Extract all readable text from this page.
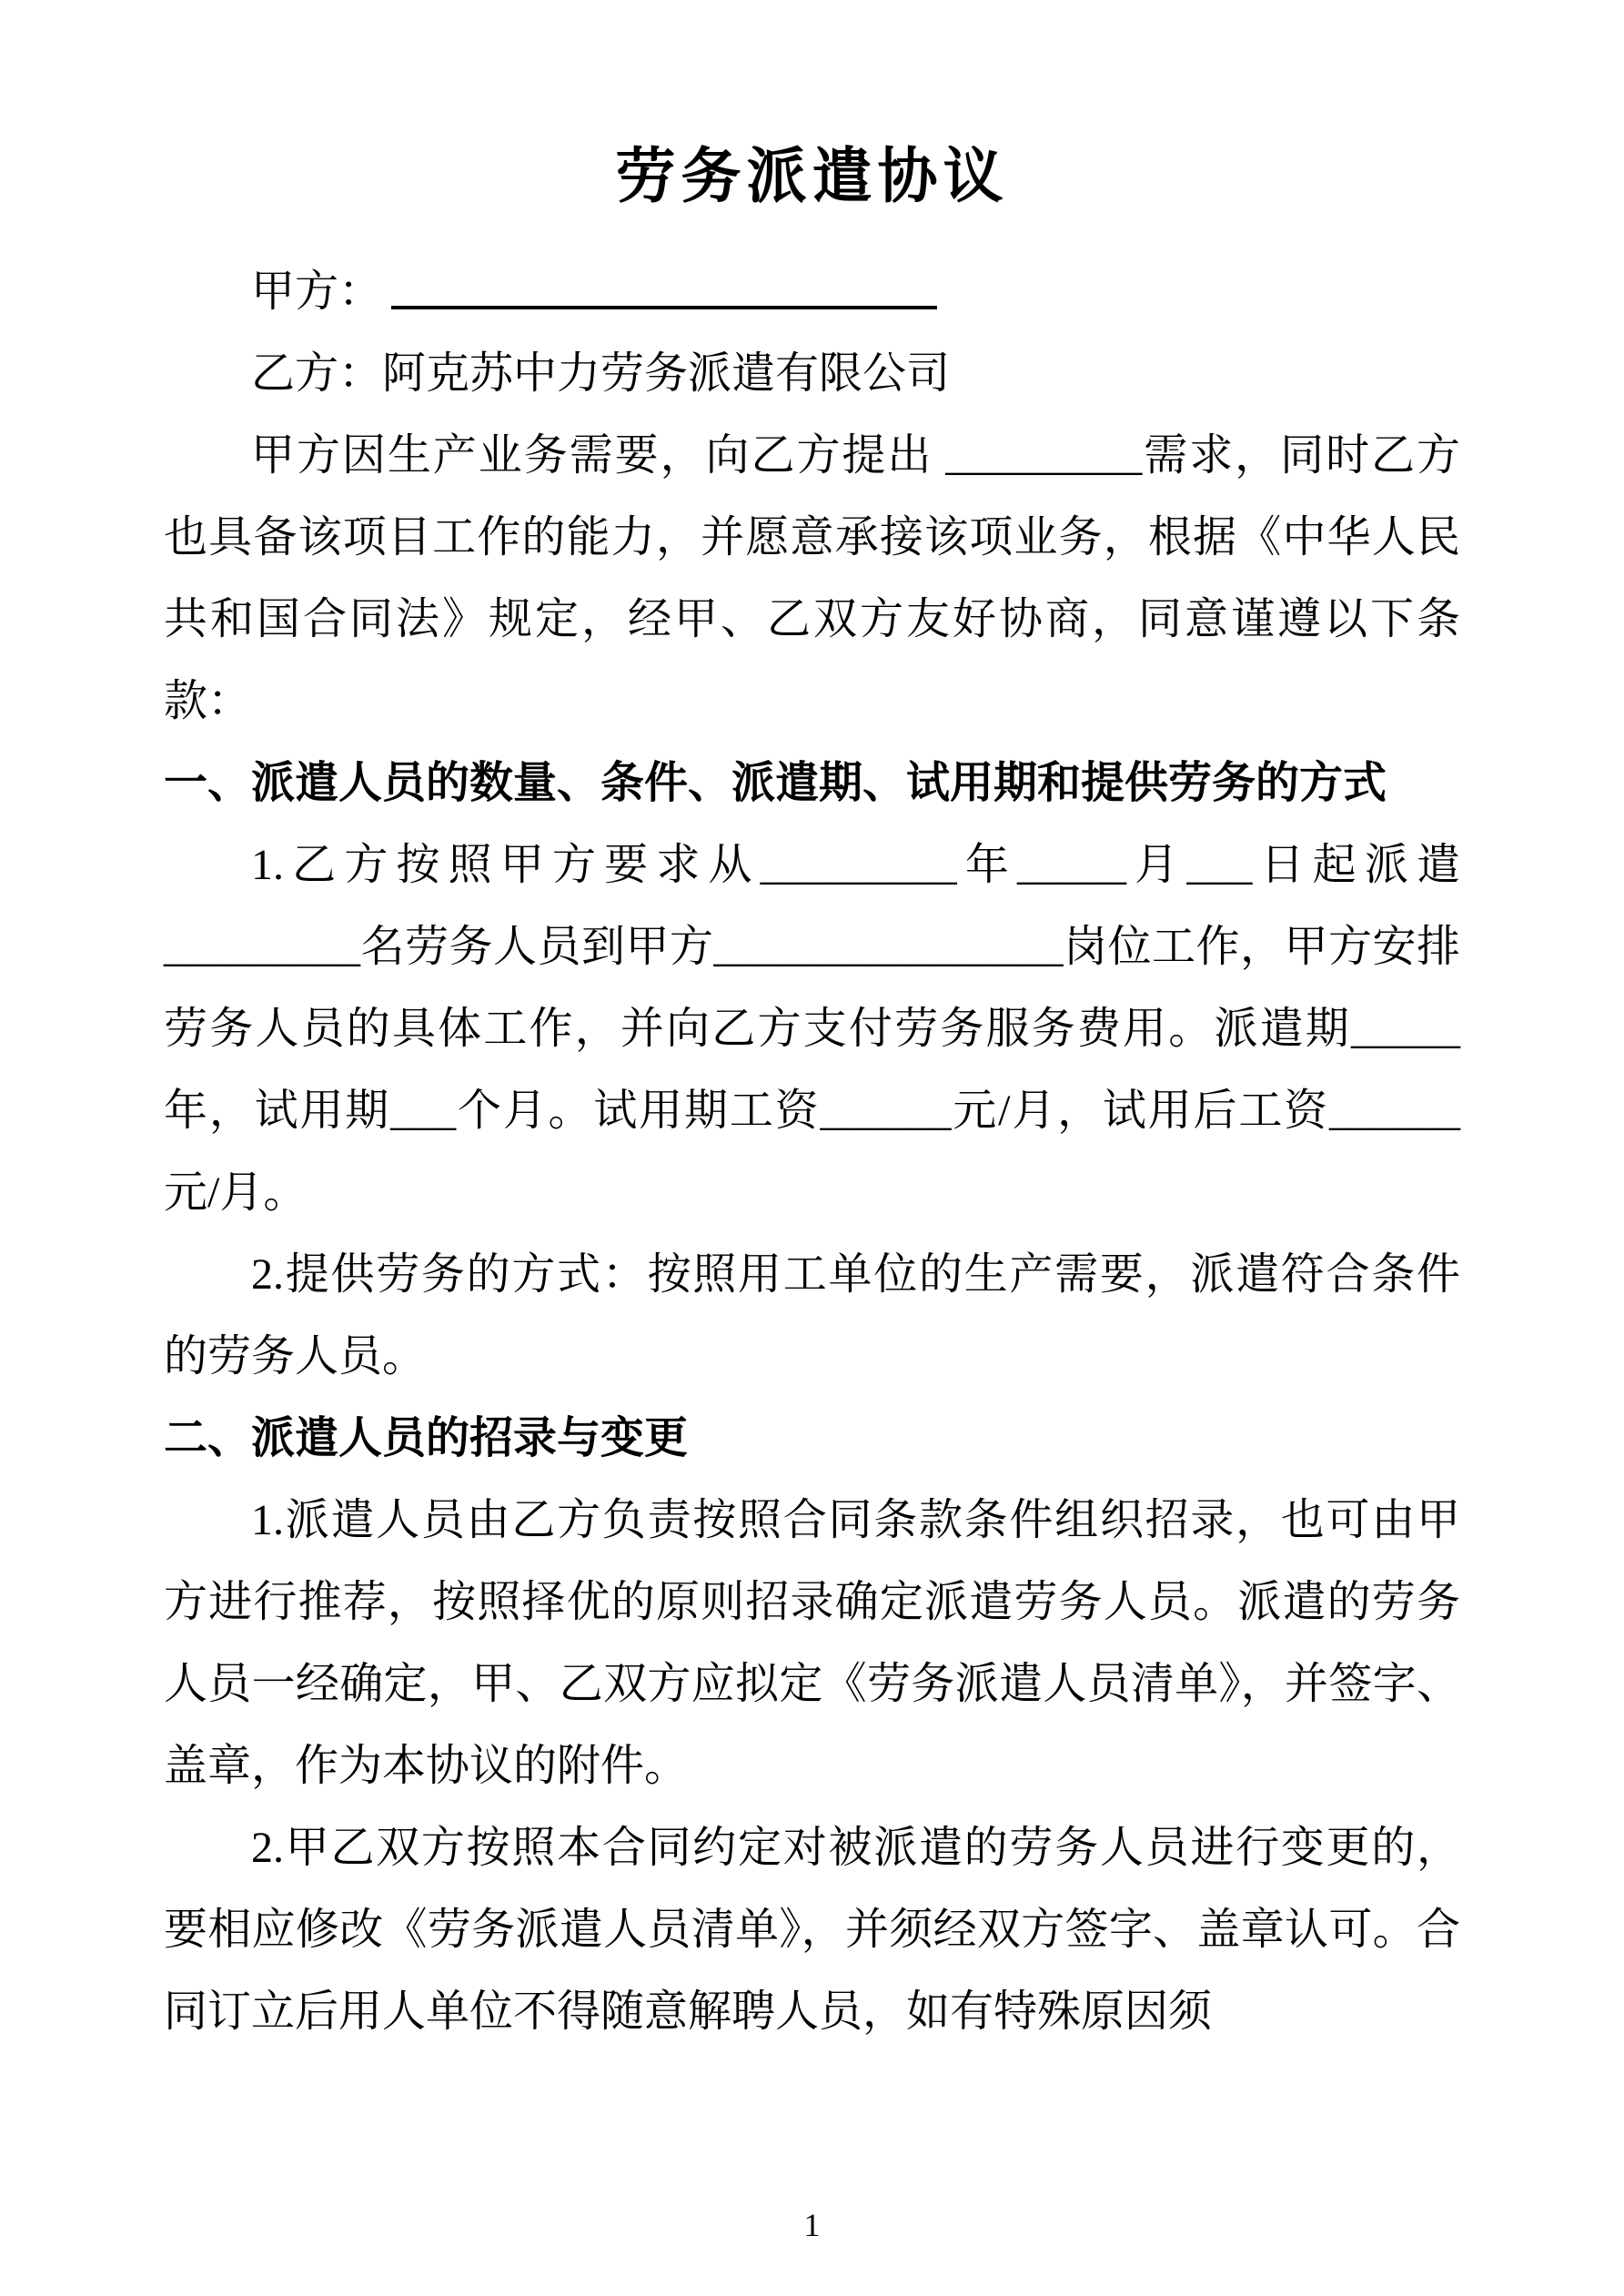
劳务派遣协议
甲方：
乙方：阿克苏中力劳务派遣有限公司

甲方因生产业务需要，向乙方提出 _________需求，同时乙方也具备该项目工作的能力，并愿意承接该项业务，根据《中华人民共和国合同法》规定，经甲、乙双方友好协商，同意谨遵以下条款：

一、派遣人员的数量、条件、派遣期、试用期和提供劳务的方式

1.乙方按照甲方要求从_________年_____月___日起派遣_________名劳务人员到甲方________________岗位工作，甲方安排劳务人员的具体工作，并向乙方支付劳务服务费用。派遣期_____年，试用期___个月。试用期工资______元/月，试用后工资______元/月。

2.提供劳务的方式：按照用工单位的生产需要，派遣符合条件的劳务人员。

二、派遣人员的招录与变更

1.派遣人员由乙方负责按照合同条款条件组织招录，也可由甲方进行推荐，按照择优的原则招录确定派遣劳务人员。派遣的劳务人员一经确定，甲、乙双方应拟定《劳务派遣人员清单》，并签字、盖章，作为本协议的附件。

2.甲乙双方按照本合同约定对被派遣的劳务人员进行变更的，要相应修改《劳务派遣人员清单》，并须经双方签字、盖章认可。合同订立后用人单位不得随意解聘人员，如有特殊原因须

1
